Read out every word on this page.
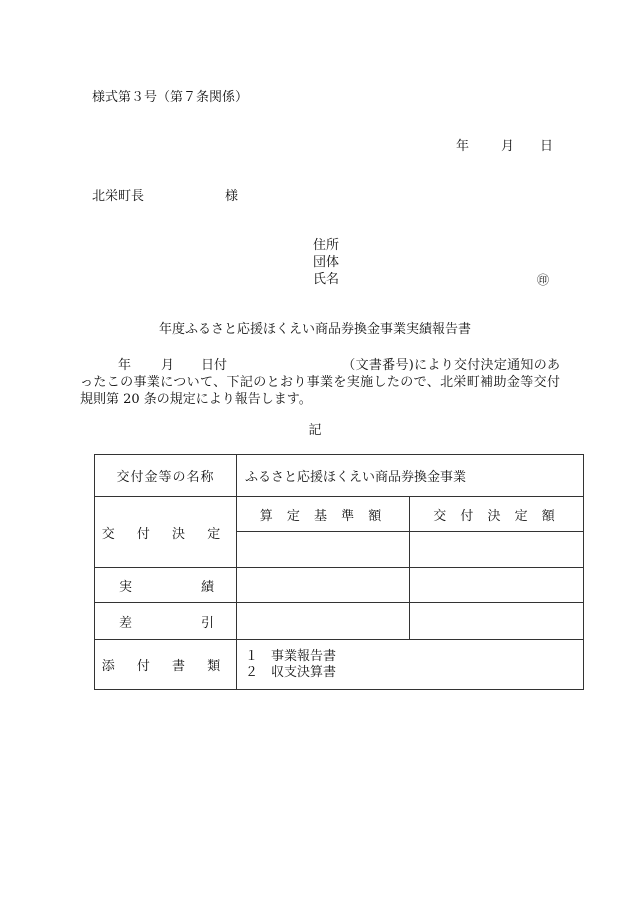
様式第３号（第７条関係）
年 月 日
北栄町長	様
住所
団体
氏名	㊞
年度ふるさと応援ほくえい商品券換金事業実績報告書
年 月 日付	（文書番号)により交付決定通知のあったこの事業について、下記のとおり事業を実施したので、北栄町補助金等交付規則第 20 条の規定により報告します。
記
交付金等の名称	ふるさと応援ほくえい商品券換金事業	
交 付 決 定	算 定 基 準 額	交 付 決 定 額

実 績		

差 引		

添 付 書 類	１　事業報告書
２　収支決算書	
